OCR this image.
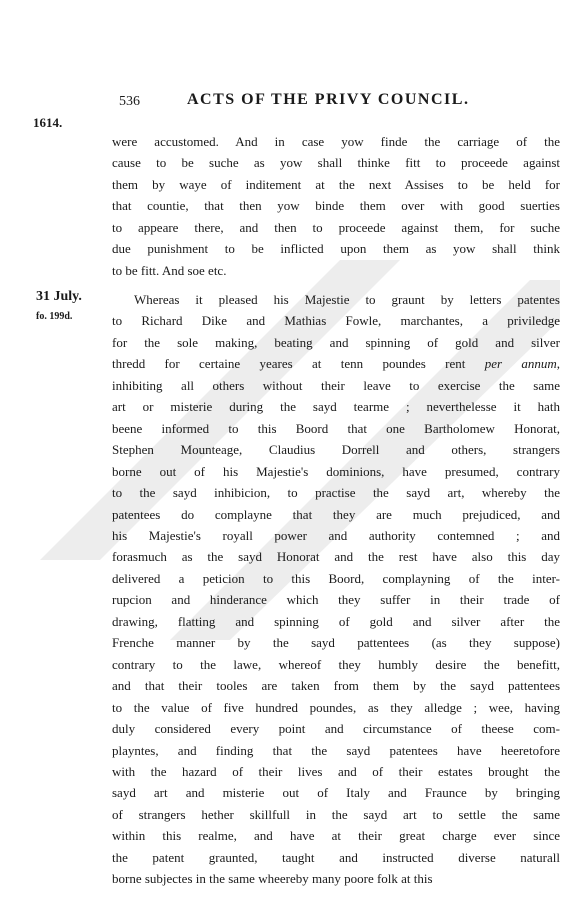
536	ACTS OF THE PRIVY COUNCIL.
1614.
31 July.
fo. 199d.
were accustomed. And in case yow finde the carriage of the
cause to be suche as yow shall thinke fitt to proceede against
them by waye of inditement at the next Assises to be held for
that countie, that then yow binde them over with good suerties
to appeare there, and then to proceede against them, for suche
due punishment to be inflicted upon them as yow shall think
to be fitt. And soe etc.
Whereas it pleased his Majestie to graunt by letters patentes
to Richard Dike and Mathias Fowle, marchantes, a priviledge
for the sole making, beating and spinning of gold and silver
thredd for certaine yeares at tenn poundes rent per annum,
inhibiting all others without their leave to exercise the same
art or misterie during the sayd tearme ; neverthelesse it hath
beene informed to this Boord that one Bartholomew Honorat,
Stephen Mounteage, Claudius Dorrell and others, strangers
borne out of his Majestie's dominions, have presumed, contrary
to the sayd inhibicion, to practise the sayd art, whereby the
patentees do complayne that they are much prejudiced, and
his Majestie's royall power and authority contemned ; and
forasmuch as the sayd Honorat and the rest have also this day
delivered a peticion to this Boord, complayning of the inter-
rupcion and hinderance which they suffer in their trade of
drawing, flatting and spinning of gold and silver after the
Frenche manner by the sayd pattentees (as they suppose)
contrary to the lawe, whereof they humbly desire the benefitt,
and that their tooles are taken from them by the sayd pattentees
to the value of five hundred poundes, as they alledge ; wee, having
duly considered every point and circumstance of theese com-
playntes, and finding that the sayd patentees have heeretofore
with the hazard of their lives and of their estates brought the
sayd art and misterie out of Italy and Fraunce by bringing
of strangers hether skillfull in the sayd art to settle the same
within this realme, and have at their great charge ever since
the patent graunted, taught and instructed diverse naturall
borne subjectes in the same wheereby many poore folk at this
